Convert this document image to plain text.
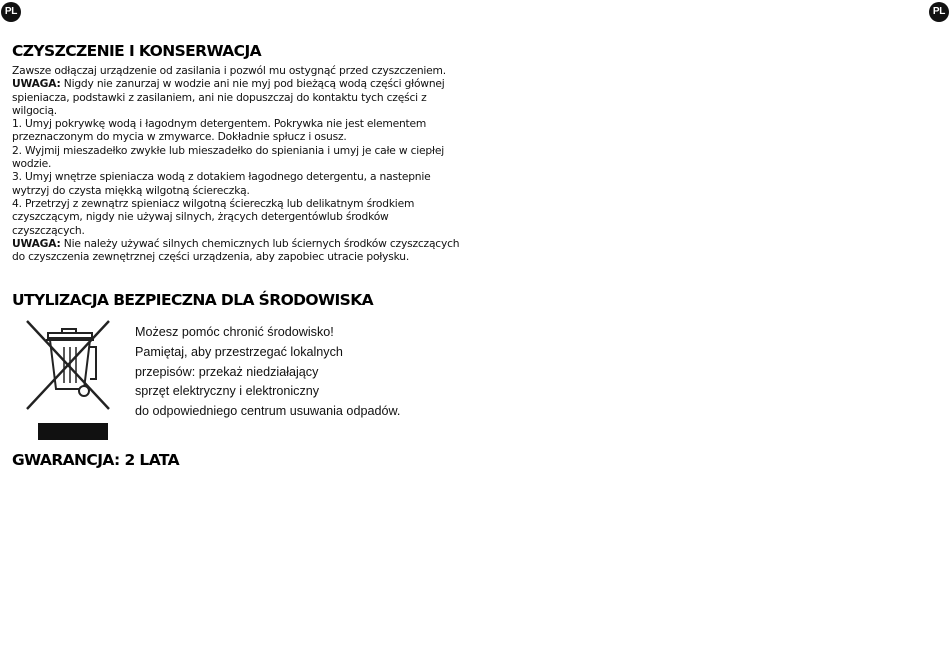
PL	PL
CZYSZCZENIE I KONSERWACJA

Zawsze odłączaj urządzenie od zasilania i pozwól mu ostygnąć przed czyszczeniem.

UWAGA: Nigdy nie zanurzaj w wodzie ani nie myj pod bieżącą wodą części głównej spieniacza, podstawki z zasilaniem, ani nie dopuszczaj do kontaktu tych części z wilgocią.

1. Umyj pokrywkę wodą i łagodnym detergentem. Pokrywka nie jest elementem przeznaczonym do mycia w zmywarce. Dokładnie spłucz i osusz.

2. Wyjmij mieszadełko zwykłe lub mieszadełko do spieniania i umyj je całe w ciepłej wodzie.

3. Umyj wnętrze spieniacza wodą z dotakiem łagodnego detergentu, a nastepnie wytrzyj do czysta miękką wilgotną ściereczką.

4. Przetrzyj z zewnątrz spieniacz wilgotną ściereczką lub delikatnym środkiem czyszczącym, nigdy nie używaj silnych, żrących detergentówlub środków czyszczących.

UWAGA: Nie należy używać silnych chemicznych lub ściernych środków czyszczących do czyszczenia zewnętrznej części urządzenia, aby zapobiec utracie połysku.

UTYLIZACJA BEZPIECZNA DLA ŚRODOWISKA

Możesz pomóc chronić środowisko!

Pamiętaj, aby przestrzegać lokalnych

przepisów: przekaż niedziałający

sprzęt elektryczny i elektroniczny

do odpowiedniego centrum usuwania odpadów.

GWARANCJA: 2 LATA
